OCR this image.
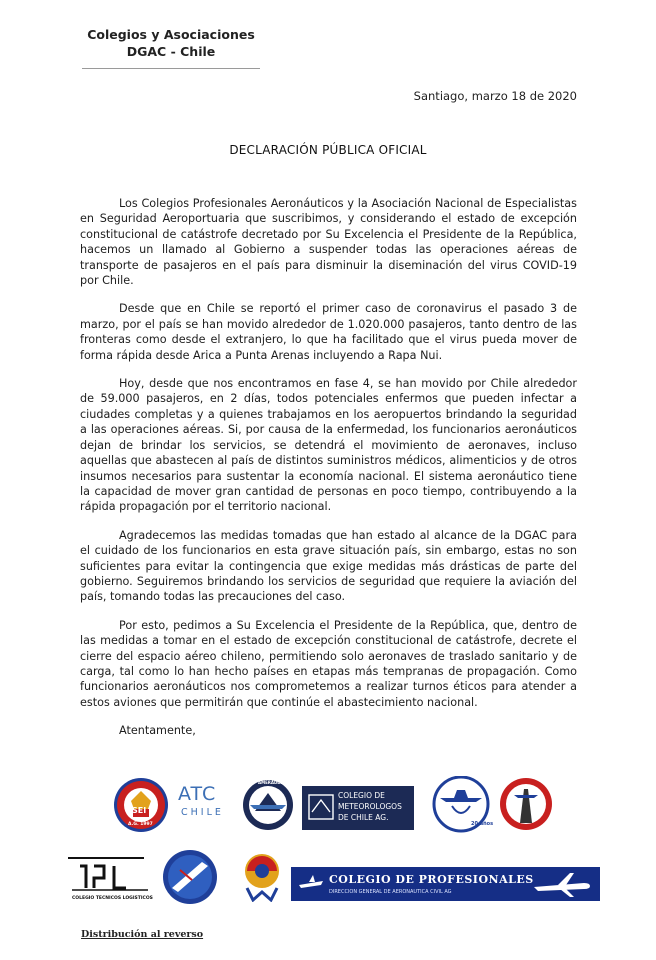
Colegios y Asociaciones
DGAC - Chile
Santiago, marzo 18 de 2020
DECLARACIÓN PÚBLICA OFICIAL

Los Colegios Profesionales Aeronáuticos y la Asociación Nacional de Especialistas en Seguridad Aeroportuaria que suscribimos, y considerando el estado de excepción constitucional de catástrofe decretado por Su Excelencia el Presidente de la República, hacemos un llamado al Gobierno a suspender todas las operaciones aéreas de transporte de pasajeros en el país para disminuir la diseminación del virus COVID-19 por Chile.

Desde que en Chile se reportó el primer caso de coronavirus el pasado 3 de marzo, por el país se han movido alrededor de 1.020.000 pasajeros, tanto dentro de las fronteras como desde el extranjero, lo que ha facilitado que el virus pueda mover de forma rápida desde Arica a Punta Arenas incluyendo a Rapa Nui.

Hoy, desde que nos encontramos en fase 4, se han movido por Chile alrededor de 59.000 pasajeros, en 2 días, todos potenciales enfermos que pueden infectar a ciudades completas y a quienes trabajamos en los aeropuertos brindando la seguridad a las operaciones aéreas. Si, por causa de la enfermedad, los funcionarios aeronáuticos dejan de brindar los servicios, se detendrá el movimiento de aeronaves, incluso aquellas que abastecen al país de distintos suministros médicos, alimenticios y de otros insumos necesarios para sustentar la economía nacional. El sistema aeronáutico tiene la capacidad de mover gran cantidad de personas en poco tiempo, contribuyendo a la rápida propagación por el territorio nacional.

Agradecemos las medidas tomadas que han estado al alcance de la DGAC para el cuidado de los funcionarios en esta grave situación país, sin embargo, estas no son suficientes para evitar la contingencia que exige medidas más drásticas de parte del gobierno. Seguiremos brindando los servicios de seguridad que requiere la aviación del país, tomando todas las precauciones del caso.

Por esto, pedimos a Su Excelencia el Presidente de la República, que, dentro de las medidas a tomar en el estado de excepción constitucional de catástrofe, decrete el cierre del espacio aéreo chileno, permitiendo solo aeronaves de traslado sanitario y de carga, tal como lo han hecho países en etapas más tempranas de propagación. Como funcionarios aeronáuticos nos comprometemos a realizar turnos éticos para atender a estos aviones que permitirán que continúe el abastecimiento nacional.

Atentamente,

SEI
A.G. 1997
ATC
CHILE
AMERADDA
COLEGIO DE
METEOROLOGOS
DE CHILE AG.
20 años
COLEGIO TECNICOS LOGISTICOS
COLEGIO DE PROFESIONALES
DIRECCION GENERAL DE AERONAUTICA CIVIL AG
Distribución al reverso
